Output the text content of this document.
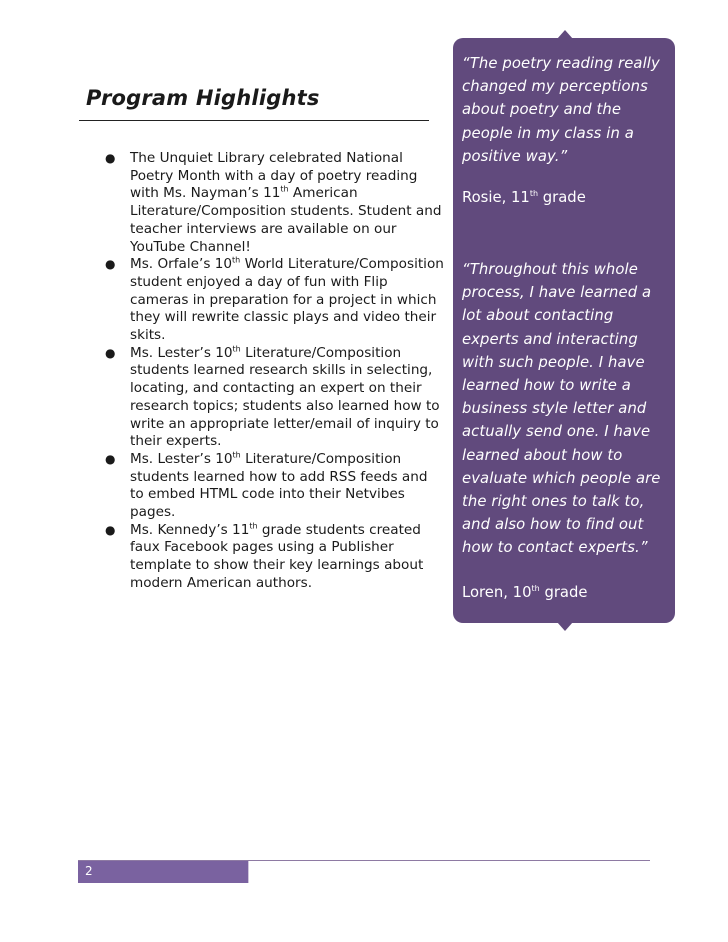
Program Highlights
● The Unquiet Library celebrated National Poetry Month with a day of poetry reading with Ms. Nayman’s 11th American Literature/Composition students. Student and teacher interviews are available on our YouTube Channel!
● Ms. Orfale’s 10th World Literature/Composition student enjoyed a day of fun with Flip cameras in preparation for a project in which they will rewrite classic plays and video their skits.
● Ms. Lester’s 10th Literature/Composition students learned research skills in selecting, locating, and contacting an expert on their research topics; students also learned how to write an appropriate letter/email of inquiry to their experts.
● Ms. Lester’s 10th Literature/Composition students learned how to add RSS feeds and to embed HTML code into their Netvibes pages.
● Ms. Kennedy’s 11th grade students created faux Facebook pages using a Publisher template to show their key learnings about modern American authors.
“The poetry reading really changed my perceptions about poetry and the people in my class in a positive way.”
Rosie, 11th grade
“Throughout this whole process, I have learned a lot about contacting experts and interacting with such people. I have learned how to write a business style letter and actually send one. I have learned about how to evaluate which people are the right ones to talk to, and also how to find out how to contact experts.”
Loren, 10th grade
2
